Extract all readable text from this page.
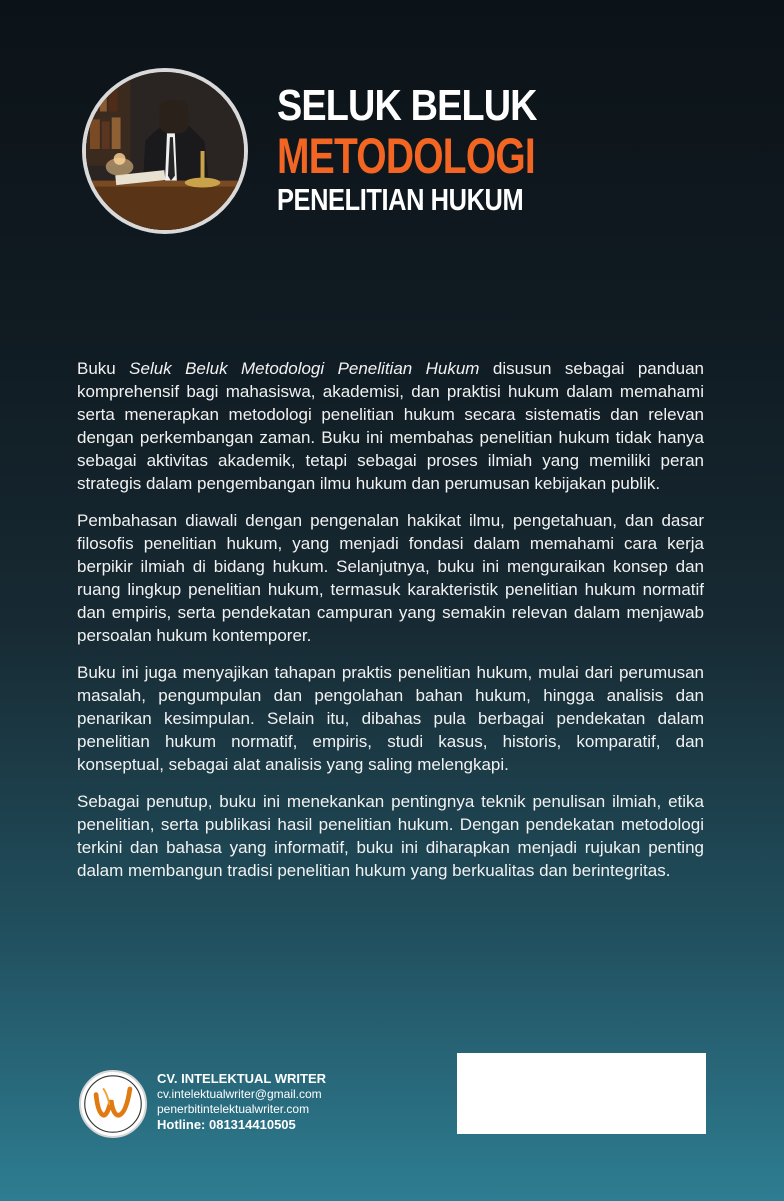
SELUK BELUK
METODOLOGI
PENELITIAN HUKUM

Buku Seluk Beluk Metodologi Penelitian Hukum disusun sebagai panduan komprehensif bagi mahasiswa, akademisi, dan praktisi hukum dalam memahami serta menerapkan metodologi penelitian hukum secara sistematis dan relevan dengan perkembangan zaman. Buku ini membahas penelitian hukum tidak hanya sebagai aktivitas akademik, tetapi sebagai proses ilmiah yang memiliki peran strategis dalam pengembangan ilmu hukum dan perumusan kebijakan publik.

Pembahasan diawali dengan pengenalan hakikat ilmu, pengetahuan, dan dasar filosofis penelitian hukum, yang menjadi fondasi dalam memahami cara kerja berpikir ilmiah di bidang hukum. Selanjutnya, buku ini menguraikan konsep dan ruang lingkup penelitian hukum, termasuk karakteristik penelitian hukum normatif dan empiris, serta pendekatan campuran yang semakin relevan dalam menjawab persoalan hukum kontemporer.

Buku ini juga menyajikan tahapan praktis penelitian hukum, mulai dari perumusan masalah, pengumpulan dan pengolahan bahan hukum, hingga analisis dan penarikan kesimpulan. Selain itu, dibahas pula berbagai pendekatan dalam penelitian hukum normatif, empiris, studi kasus, historis, komparatif, dan konseptual, sebagai alat analisis yang saling melengkapi.

Sebagai penutup, buku ini menekankan pentingnya teknik penulisan ilmiah, etika penelitian, serta publikasi hasil penelitian hukum. Dengan pendekatan metodologi terkini dan bahasa yang informatif, buku ini diharapkan menjadi rujukan penting dalam membangun tradisi penelitian hukum yang berkualitas dan berintegritas.

CV. INTELEKTUAL WRITER
cv.intelektualwriter@gmail.com
penerbitintelektualwriter.com
Hotline: 081314410505
